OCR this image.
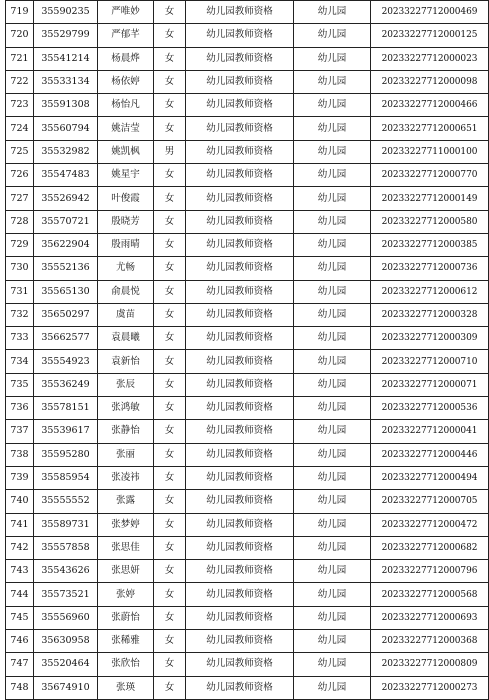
719	35590235	严唯妙	女	幼儿园教师资格	幼儿园	20233227712000469
720	35529799	严郁芊	女	幼儿园教师资格	幼儿园	20233227712000125
721	35541214	杨晨烨	女	幼儿园教师资格	幼儿园	20233227712000023
722	35533134	杨依婷	女	幼儿园教师资格	幼儿园	20233227712000098
723	35591308	杨怡凡	女	幼儿园教师资格	幼儿园	20233227712000466
724	35560794	姚洁莹	女	幼儿园教师资格	幼儿园	20233227712000651
725	35532982	姚凯枫	男	幼儿园教师资格	幼儿园	20233227711000100
726	35547483	姚星宇	女	幼儿园教师资格	幼儿园	20233227712000770
727	35526942	叶俊霞	女	幼儿园教师资格	幼儿园	20233227712000149
728	35570721	殷晓芳	女	幼儿园教师资格	幼儿园	20233227712000580
729	35622904	殷雨晴	女	幼儿园教师资格	幼儿园	20233227712000385
730	35552136	尤畅	女	幼儿园教师资格	幼儿园	20233227712000736
731	35565130	俞晨悦	女	幼儿园教师资格	幼儿园	20233227712000612
732	35650297	虞苗	女	幼儿园教师资格	幼儿园	20233227712000328
733	35662577	袁晨曦	女	幼儿园教师资格	幼儿园	20233227712000309
734	35554923	袁新怡	女	幼儿园教师资格	幼儿园	20233227712000710
735	35536249	张辰	女	幼儿园教师资格	幼儿园	20233227712000071
736	35578151	张鸿敏	女	幼儿园教师资格	幼儿园	20233227712000536
737	35539617	张静怡	女	幼儿园教师资格	幼儿园	20233227712000041
738	35595280	张丽	女	幼儿园教师资格	幼儿园	20233227712000446
739	35585954	张凌祎	女	幼儿园教师资格	幼儿园	20233227712000494
740	35555552	张露	女	幼儿园教师资格	幼儿园	20233227712000705
741	35589731	张梦婷	女	幼儿园教师资格	幼儿园	20233227712000472
742	35557858	张思佳	女	幼儿园教师资格	幼儿园	20233227712000682
743	35543626	张思妍	女	幼儿园教师资格	幼儿园	20233227712000796
744	35573521	张婷	女	幼儿园教师资格	幼儿园	20233227712000568
745	35556960	张蔚怡	女	幼儿园教师资格	幼儿园	20233227712000693
746	35630958	张稀雅	女	幼儿园教师资格	幼儿园	20233227712000368
747	35520464	张欣怡	女	幼儿园教师资格	幼儿园	20233227712000809
748	35674910	张瑛	女	幼儿园教师资格	幼儿园	20233227712000273
